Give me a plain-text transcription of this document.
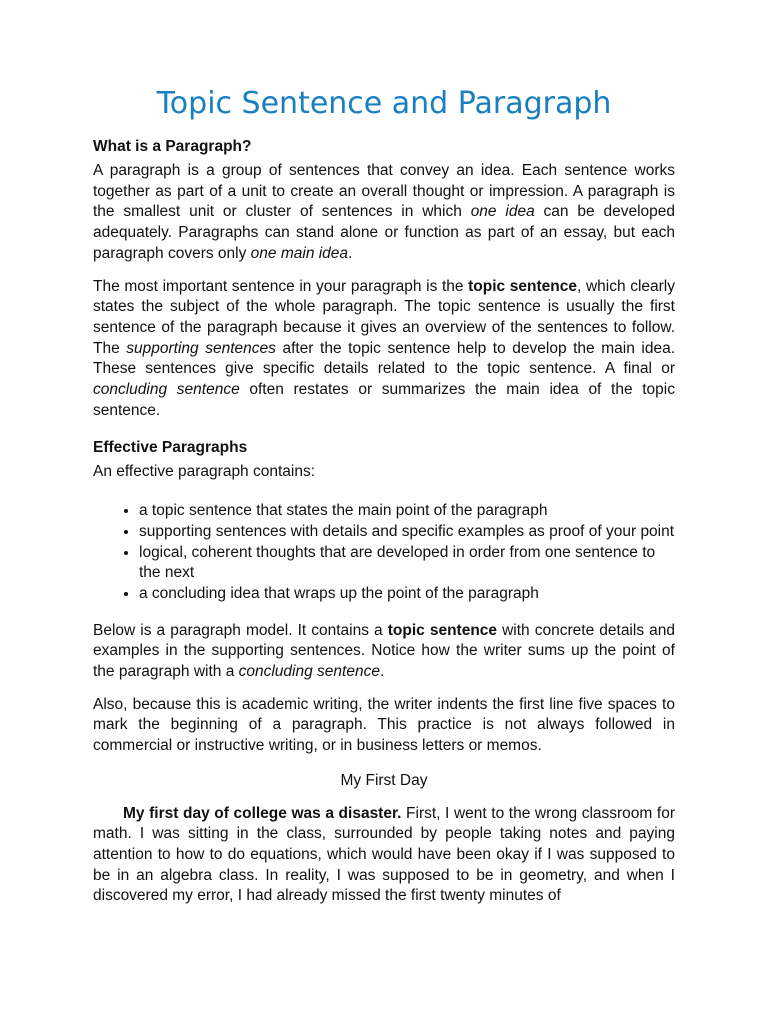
Topic Sentence and Paragraph
What is a Paragraph?

A paragraph is a group of sentences that convey an idea. Each sentence works together as part of a unit to create an overall thought or impression. A paragraph is the smallest unit or cluster of sentences in which one idea can be developed adequately. Paragraphs can stand alone or function as part of an essay, but each paragraph covers only one main idea.

The most important sentence in your paragraph is the topic sentence, which clearly states the subject of the whole paragraph. The topic sentence is usually the first sentence of the paragraph because it gives an overview of the sentences to follow. The supporting sentences after the topic sentence help to develop the main idea. These sentences give specific details related to the topic sentence. A final or concluding sentence often restates or summarizes the main idea of the topic sentence.

Effective Paragraphs

An effective paragraph contains:

• a topic sentence that states the main point of the paragraph
• supporting sentences with details and specific examples as proof of your point
• logical, coherent thoughts that are developed in order from one sentence to the next
• a concluding idea that wraps up the point of the paragraph

Below is a paragraph model. It contains a topic sentence with concrete details and examples in the supporting sentences. Notice how the writer sums up the point of the paragraph with a concluding sentence.

Also, because this is academic writing, the writer indents the first line five spaces to mark the beginning of a paragraph. This practice is not always followed in commercial or instructive writing, or in business letters or memos.

My First Day

My first day of college was a disaster. First, I went to the wrong classroom for math. I was sitting in the class, surrounded by people taking notes and paying attention to how to do equations, which would have been okay if I was supposed to be in an algebra class. In reality, I was supposed to be in geometry, and when I discovered my error, I had already missed the first twenty minutes of
